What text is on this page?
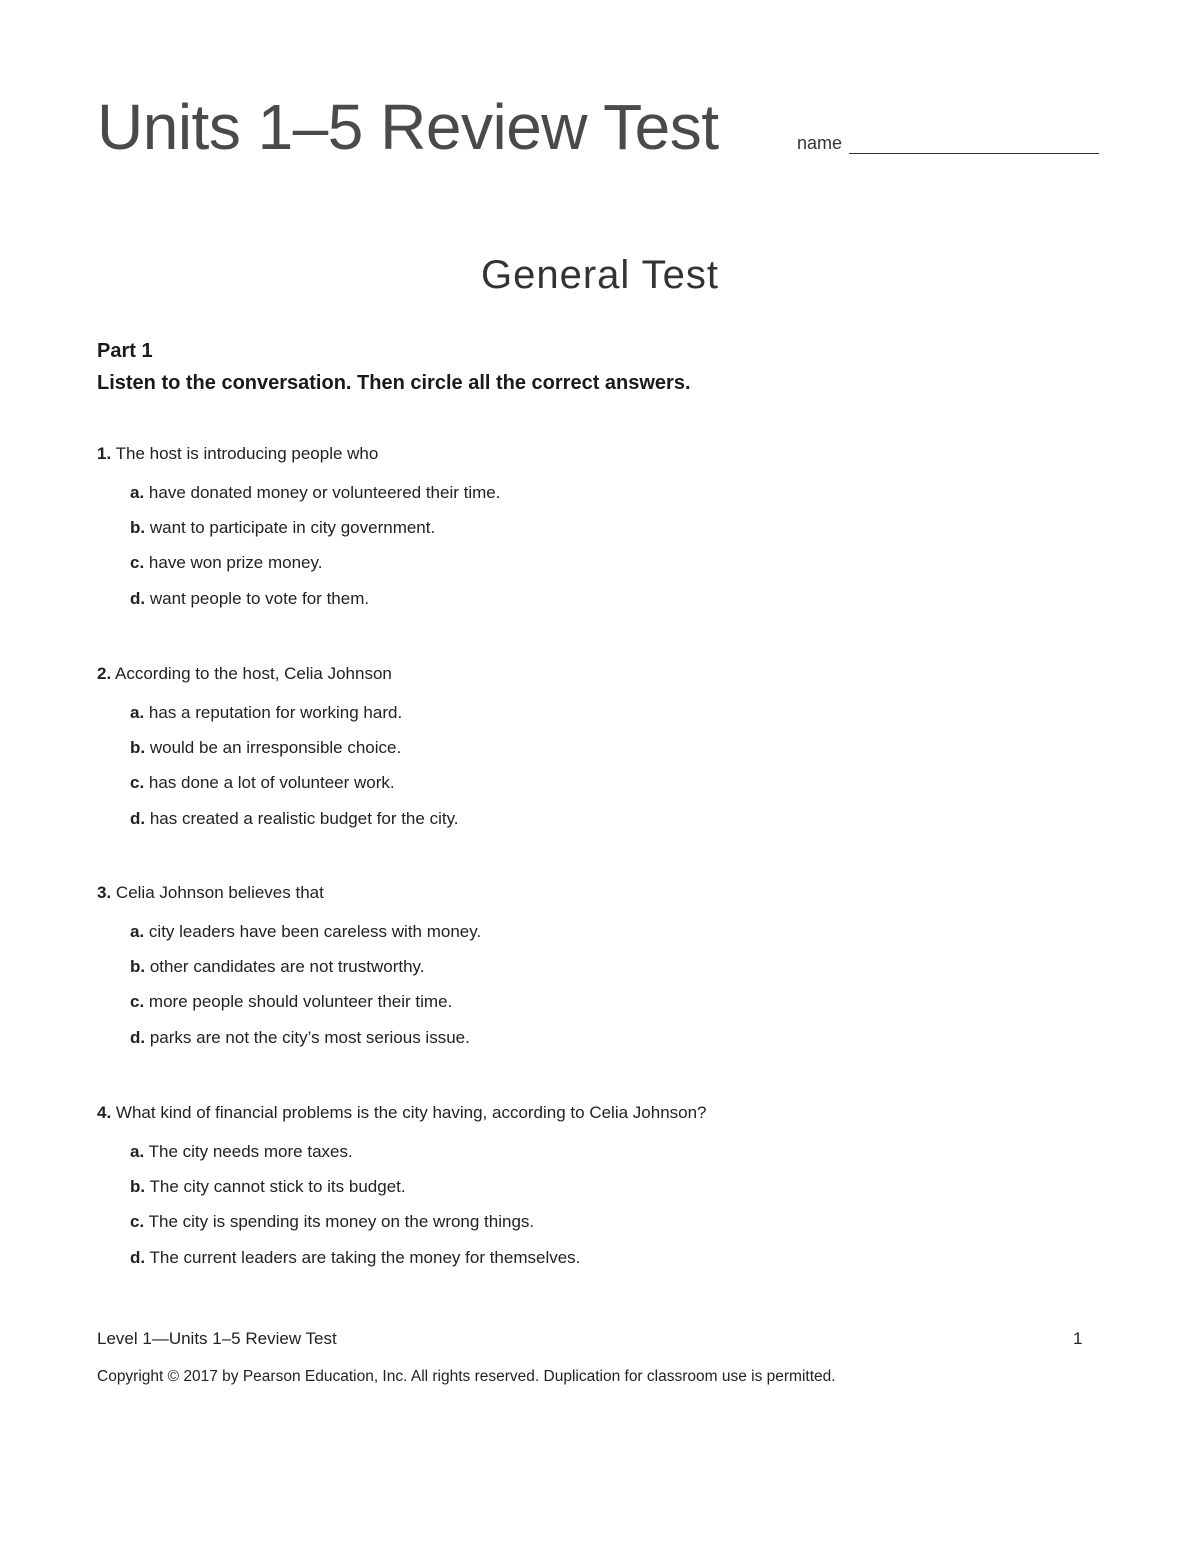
Units 1–5 Review Test	name
General Test
Part 1
Listen to the conversation. Then circle all the correct answers.
1. The host is introducing people who
a. have donated money or volunteered their time.
b. want to participate in city government.
c. have won prize money.
d. want people to vote for them.
2. According to the host, Celia Johnson
a. has a reputation for working hard.
b. would be an irresponsible choice.
c. has done a lot of volunteer work.
d. has created a realistic budget for the city.
3. Celia Johnson believes that
a. city leaders have been careless with money.
b. other candidates are not trustworthy.
c. more people should volunteer their time.
d. parks are not the city’s most serious issue.
4. What kind of financial problems is the city having, according to Celia Johnson?
a. The city needs more taxes.
b. The city cannot stick to its budget.
c. The city is spending its money on the wrong things.
d. The current leaders are taking the money for themselves.
Level 1—Units 1–5 Review Test	1
Copyright © 2017 by Pearson Education, Inc. All rights reserved. Duplication for classroom use is permitted.
